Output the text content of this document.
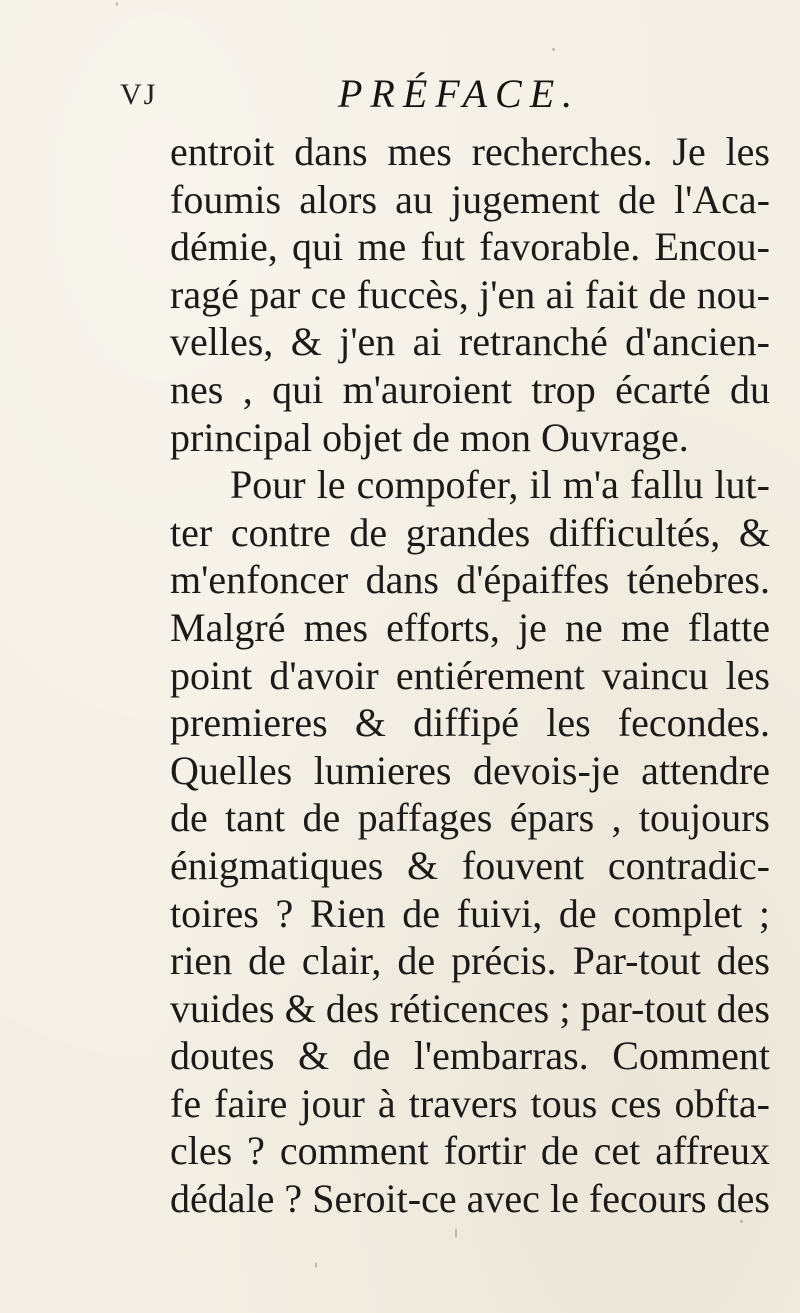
VJ	PRÉFACE.
entroit dans mes recherches. Je les
foumis alors au jugement de l'Aca-
démie, qui me fut favorable. Encou-
ragé par ce fuccès, j'en ai fait de nou-
velles, & j'en ai retranché d'ancien-
nes , qui m'auroient trop écarté du
principal objet de mon Ouvrage.
Pour le compofer, il m'a fallu lut-
ter contre de grandes difficultés, &
m'enfoncer dans d'épaiffes ténebres.
Malgré mes efforts, je ne me flatte
point d'avoir entiérement vaincu les
premieres & diffipé les fecondes.
Quelles lumieres devois-je attendre
de tant de paffages épars , toujours
énigmatiques & fouvent contradic-
toires ? Rien de fuivi, de complet ;
rien de clair, de précis. Par-tout des
vuides & des réticences ; par-tout des
doutes & de l'embarras. Comment
fe faire jour à travers tous ces obfta-
cles ? comment fortir de cet affreux
dédale ? Seroit-ce avec le fecours des
